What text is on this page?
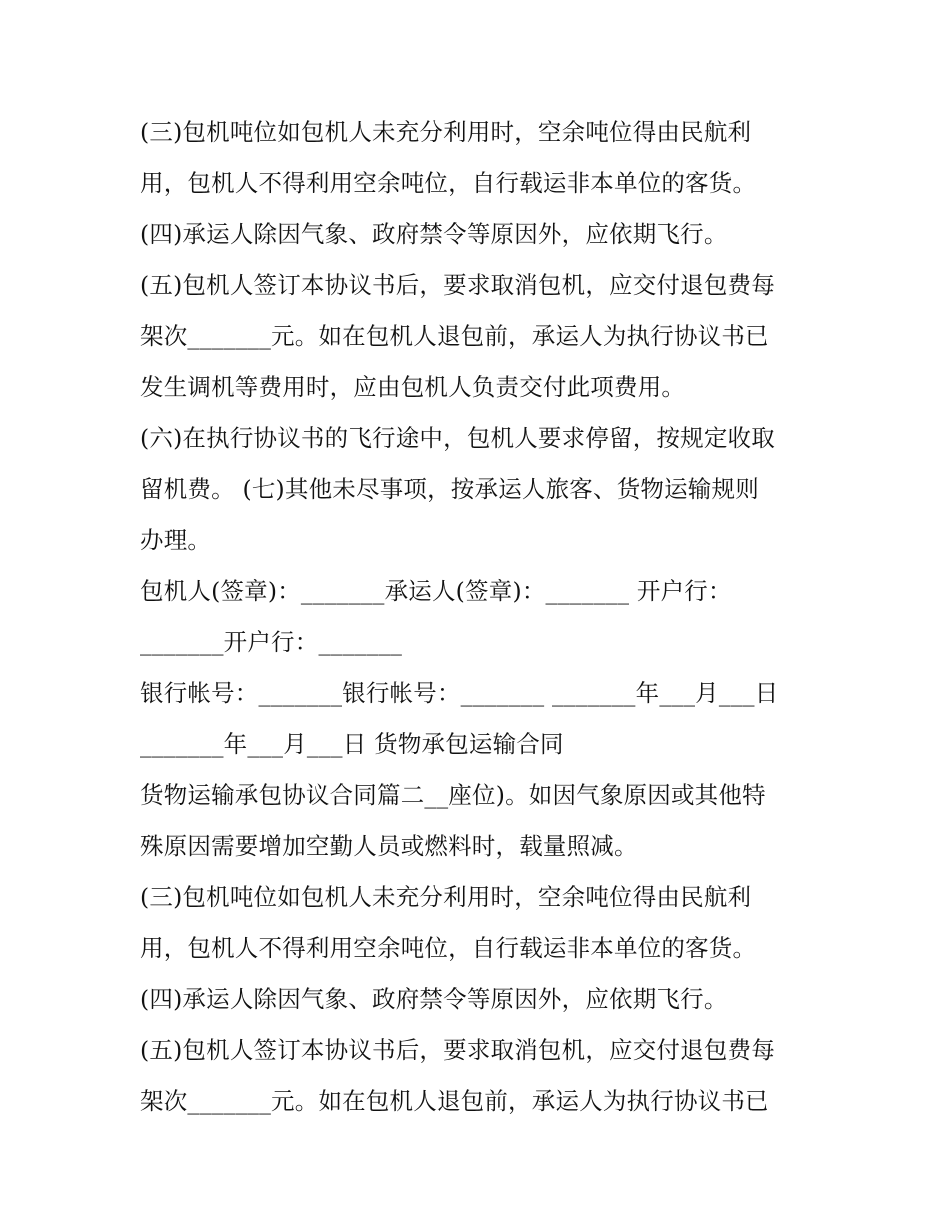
(三)包机吨位如包机人未充分利用时，空余吨位得由民航利
用，包机人不得利用空余吨位，自行载运非本单位的客货。
(四)承运人除因气象、政府禁令等原因外，应依期飞行。
(五)包机人签订本协议书后，要求取消包机，应交付退包费每
架次_______元。如在包机人退包前，承运人为执行协议书已
发生调机等费用时，应由包机人负责交付此项费用。
(六)在执行协议书的飞行途中，包机人要求停留，按规定收取
留机费。 (七)其他未尽事项，按承运人旅客、货物运输规则
办理。
包机人(签章)：_______承运人(签章)：_______ 开户行：
_______开户行：_______
银行帐号：_______银行帐号：_______ _______年___月___日
_______年___月___日 货物承包运输合同
货物运输承包协议合同篇二__座位)。如因气象原因或其他特
殊原因需要增加空勤人员或燃料时，载量照减。
(三)包机吨位如包机人未充分利用时，空余吨位得由民航利
用，包机人不得利用空余吨位，自行载运非本单位的客货。
(四)承运人除因气象、政府禁令等原因外，应依期飞行。
(五)包机人签订本协议书后，要求取消包机，应交付退包费每
架次_______元。如在包机人退包前，承运人为执行协议书已
